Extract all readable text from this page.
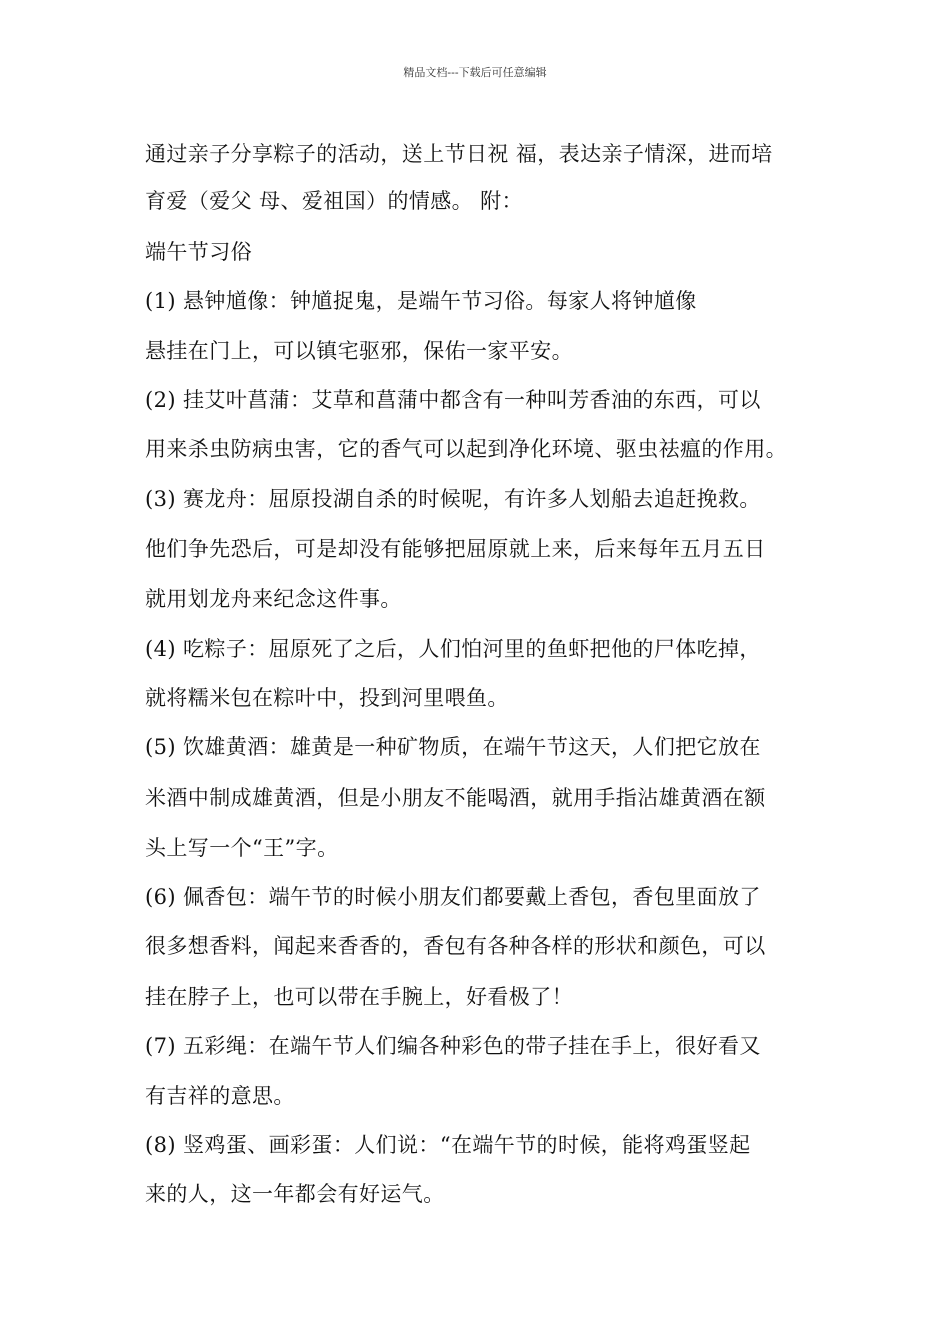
精品文档---下载后可任意编辑
通过亲子分享粽子的活动，送上节日祝 福，表达亲子情深，进而培
育爱（爱父 母、爱祖国）的情感。 附：
端午节习俗
(1) 悬钟馗像：钟馗捉鬼，是端午节习俗。每家人将钟馗像
悬挂在门上，可以镇宅驱邪，保佑一家平安。
(2) 挂艾叶菖蒲：艾草和菖蒲中都含有一种叫芳香油的东西，可以
用来杀虫防病虫害，它的香气可以起到净化环境、驱虫祛瘟的作用。
(3) 赛龙舟：屈原投湖自杀的时候呢，有许多人划船去追赶挽救。
他们争先恐后，可是却没有能够把屈原就上来，后来每年五月五日
就用划龙舟来纪念这件事。
(4) 吃粽子：屈原死了之后，人们怕河里的鱼虾把他的尸体吃掉，
就将糯米包在粽叶中，投到河里喂鱼。
(5) 饮雄黄酒：雄黄是一种矿物质，在端午节这天，人们把它放在
米酒中制成雄黄酒，但是小朋友不能喝酒，就用手指沾雄黄酒在额
头上写一个“王”字。
(6) 佩香包：端午节的时候小朋友们都要戴上香包，香包里面放了
很多想香料，闻起来香香的，香包有各种各样的形状和颜色，可以
挂在脖子上，也可以带在手腕上，好看极了！
(7) 五彩绳：在端午节人们编各种彩色的带子挂在手上，很好看又
有吉祥的意思。
(8) 竖鸡蛋、画彩蛋：人们说：“在端午节的时候，能将鸡蛋竖起
来的人，这一年都会有好运气。
